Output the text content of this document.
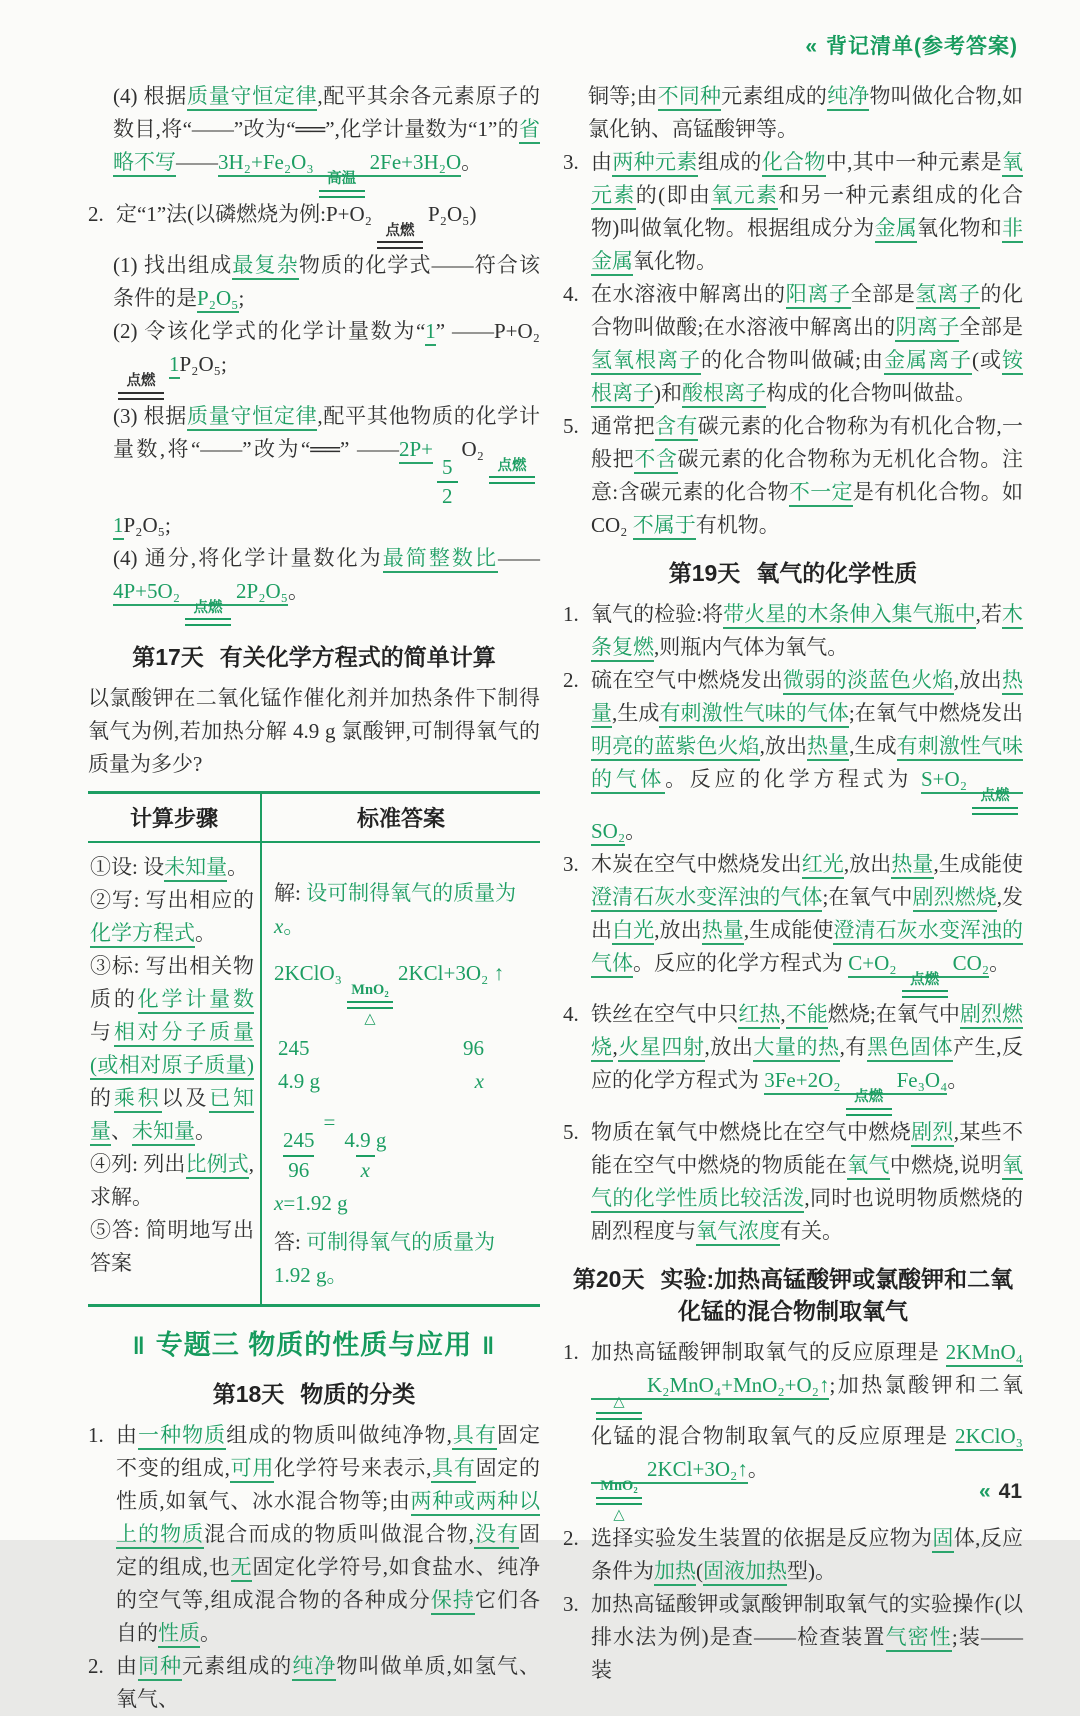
« 背记清单(参考答案)
(4) 根据质量守恒定律,配平其余各元素原子的数目,将“——”改为“══”,化学计量数为“1”的省略不写——3H₂+Fe₂O₃
高温
2Fe+3H₂O。
2. 定“1”法(以磷燃烧为例:P+O₂
点燃
P₂O₅)
(1) 找出组成最复杂物质的化学式——符合该条件的是P₂O₅;
(2) 令该化学式的化学计量数为“1” ——P+O₂
点燃
1P₂O₅;
(3) 根据质量守恒定律,配平其他物质的化学计量数,将“——”改为“══” ——2P+
$\frac{5}{2}$
O₂
点燃
1P₂O₅;
(4) 通分,将化学计量数化为最简整数比——4P+5O₂
点燃
2P₂O₅。
第17天 有关化学方程式的简单计算
以氯酸钾在二氧化锰作催化剂并加热条件下制得氧气为例,若加热分解 4.9 g 氯酸钾,可制得氧气的质量为多少?
计算步骤	标准答案
①设: 设未知量。
②写: 写出相应的化学方程式。
③标: 写出相关物质的化学计量数与相对分子质量(或相对原子质量)的乘积以及已知量、未知量。
④列: 列出比例式,求解。
⑤答: 简明地写出答案
解: 设可制得氧气的质量为 x。
2KClO₃
MnO₂
△
2KCl+3O₂ ↑
245	96
4.9 g	x
$\frac{245}{96}$
=
$\frac{4.9 g}{x}$
x=1.92 g
答: 可制得氧气的质量为 1.92 g。
‖ 专题三 物质的性质与应用 ‖
第18天 物质的分类
1. 由一种物质组成的物质叫做纯净物,具有固定不变的组成,可用化学符号来表示,具有固定的性质,如氧气、冰水混合物等;由两种或两种以上的物质混合而成的物质叫做混合物,没有固定的组成,也无固定化学符号,如食盐水、纯净的空气等,组成混合物的各种成分保持它们各自的性质。
2. 由同种元素组成的纯净物叫做单质,如氢气、氧气、
铜等;由不同种元素组成的纯净物叫做化合物,如氯化钠、高锰酸钾等。
3. 由两种元素组成的化合物中,其中一种元素是氧元素的(即由氧元素和另一种元素组成的化合物)叫做氧化物。根据组成分为金属氧化物和非金属氧化物。
4. 在水溶液中解离出的阳离子全部是氢离子的化合物叫做酸;在水溶液中解离出的阴离子全部是氢氧根离子的化合物叫做碱;由金属离子(或铵根离子)和酸根离子构成的化合物叫做盐。
5. 通常把含有碳元素的化合物称为有机化合物,一般把不含碳元素的化合物称为无机化合物。注意:含碳元素的化合物不一定是有机化合物。如 CO₂ 不属于有机物。
第19天 氧气的化学性质
1. 氧气的检验:将带火星的木条伸入集气瓶中,若木条复燃,则瓶内气体为氧气。
2. 硫在空气中燃烧发出微弱的淡蓝色火焰,放出热量,生成有刺激性气味的气体;在氧气中燃烧发出明亮的蓝紫色火焰,放出热量,生成有刺激性气味的气体。反应的化学方程式为 S+O₂
点燃
SO₂。
3. 木炭在空气中燃烧发出红光,放出热量,生成能使澄清石灰水变浑浊的气体;在氧气中剧烈燃烧,发出白光,放出热量,生成能使澄清石灰水变浑浊的气体。反应的化学方程式为 C+O₂
点燃
CO₂。
4. 铁丝在空气中只红热,不能燃烧;在氧气中剧烈燃烧,火星四射,放出大量的热,有黑色固体产生,反应的化学方程式为 3Fe+2O₂
点燃
Fe₃O₄。
5. 物质在氧气中燃烧比在空气中燃烧剧烈,某些不能在空气中燃烧的物质能在氧气中燃烧,说明氧气的化学性质比较活泼,同时也说明物质燃烧的剧烈程度与氧气浓度有关。
第20天 实验:加热高锰酸钾或氯酸钾和二氧化锰的混合物制取氧气
1. 加热高锰酸钾制取氧气的反应原理是 2KMnO₄
△
K₂MnO₄+MnO₂+O₂↑;加热氯酸钾和二氧化锰的混合物制取氧气的反应原理是 2KClO₃
MnO₂
△
2KCl+3O₂↑。
2. 选择实验发生装置的依据是反应物为固体,反应条件为加热(固液加热型)。
3. 加热高锰酸钾或氯酸钾制取氧气的实验操作(以排水法为例)是查——检查装置气密性;装——装
« 41
